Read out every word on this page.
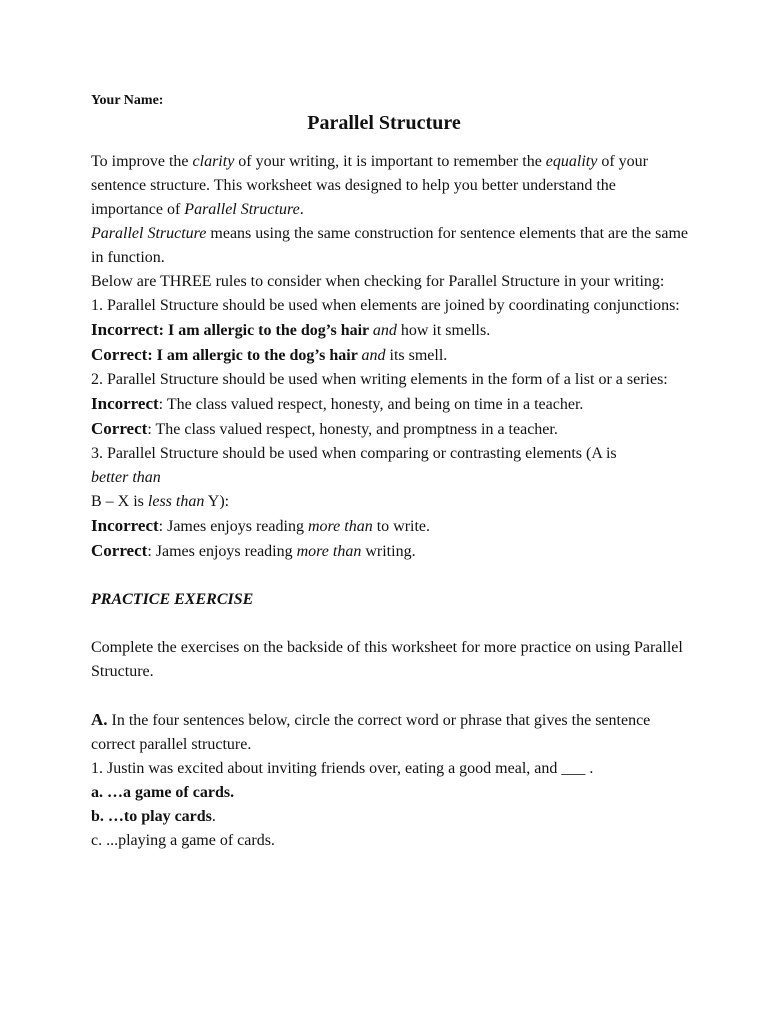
Your Name:
Parallel Structure

To improve the clarity of your writing, it is important to remember the equality of your sentence structure. This worksheet was designed to help you better understand the importance of Parallel Structure.

Parallel Structure means using the same construction for sentence elements that are the same in function.

Below are THREE rules to consider when checking for Parallel Structure in your writing:

1. Parallel Structure should be used when elements are joined by coordinating conjunctions:

Incorrect: I am allergic to the dog’s hair and how it smells.

Correct: I am allergic to the dog’s hair and its smell.

2. Parallel Structure should be used when writing elements in the form of a list or a series:

Incorrect: The class valued respect, honesty, and being on time in a teacher.

Correct: The class valued respect, honesty, and promptness in a teacher.

3. Parallel Structure should be used when comparing or contrasting elements (A is
better than

B – X is less than Y):

Incorrect: James enjoys reading more than to write.

Correct: James enjoys reading more than writing.

PRACTICE EXERCISE

Complete the exercises on the backside of this worksheet for more practice on using Parallel Structure.

A. In the four sentences below, circle the correct word or phrase that gives the sentence correct parallel structure.

1. Justin was excited about inviting friends over, eating a good meal, and ___ .

a. …a game of cards.

b. …to play cards.

c. ...playing a game of cards.
